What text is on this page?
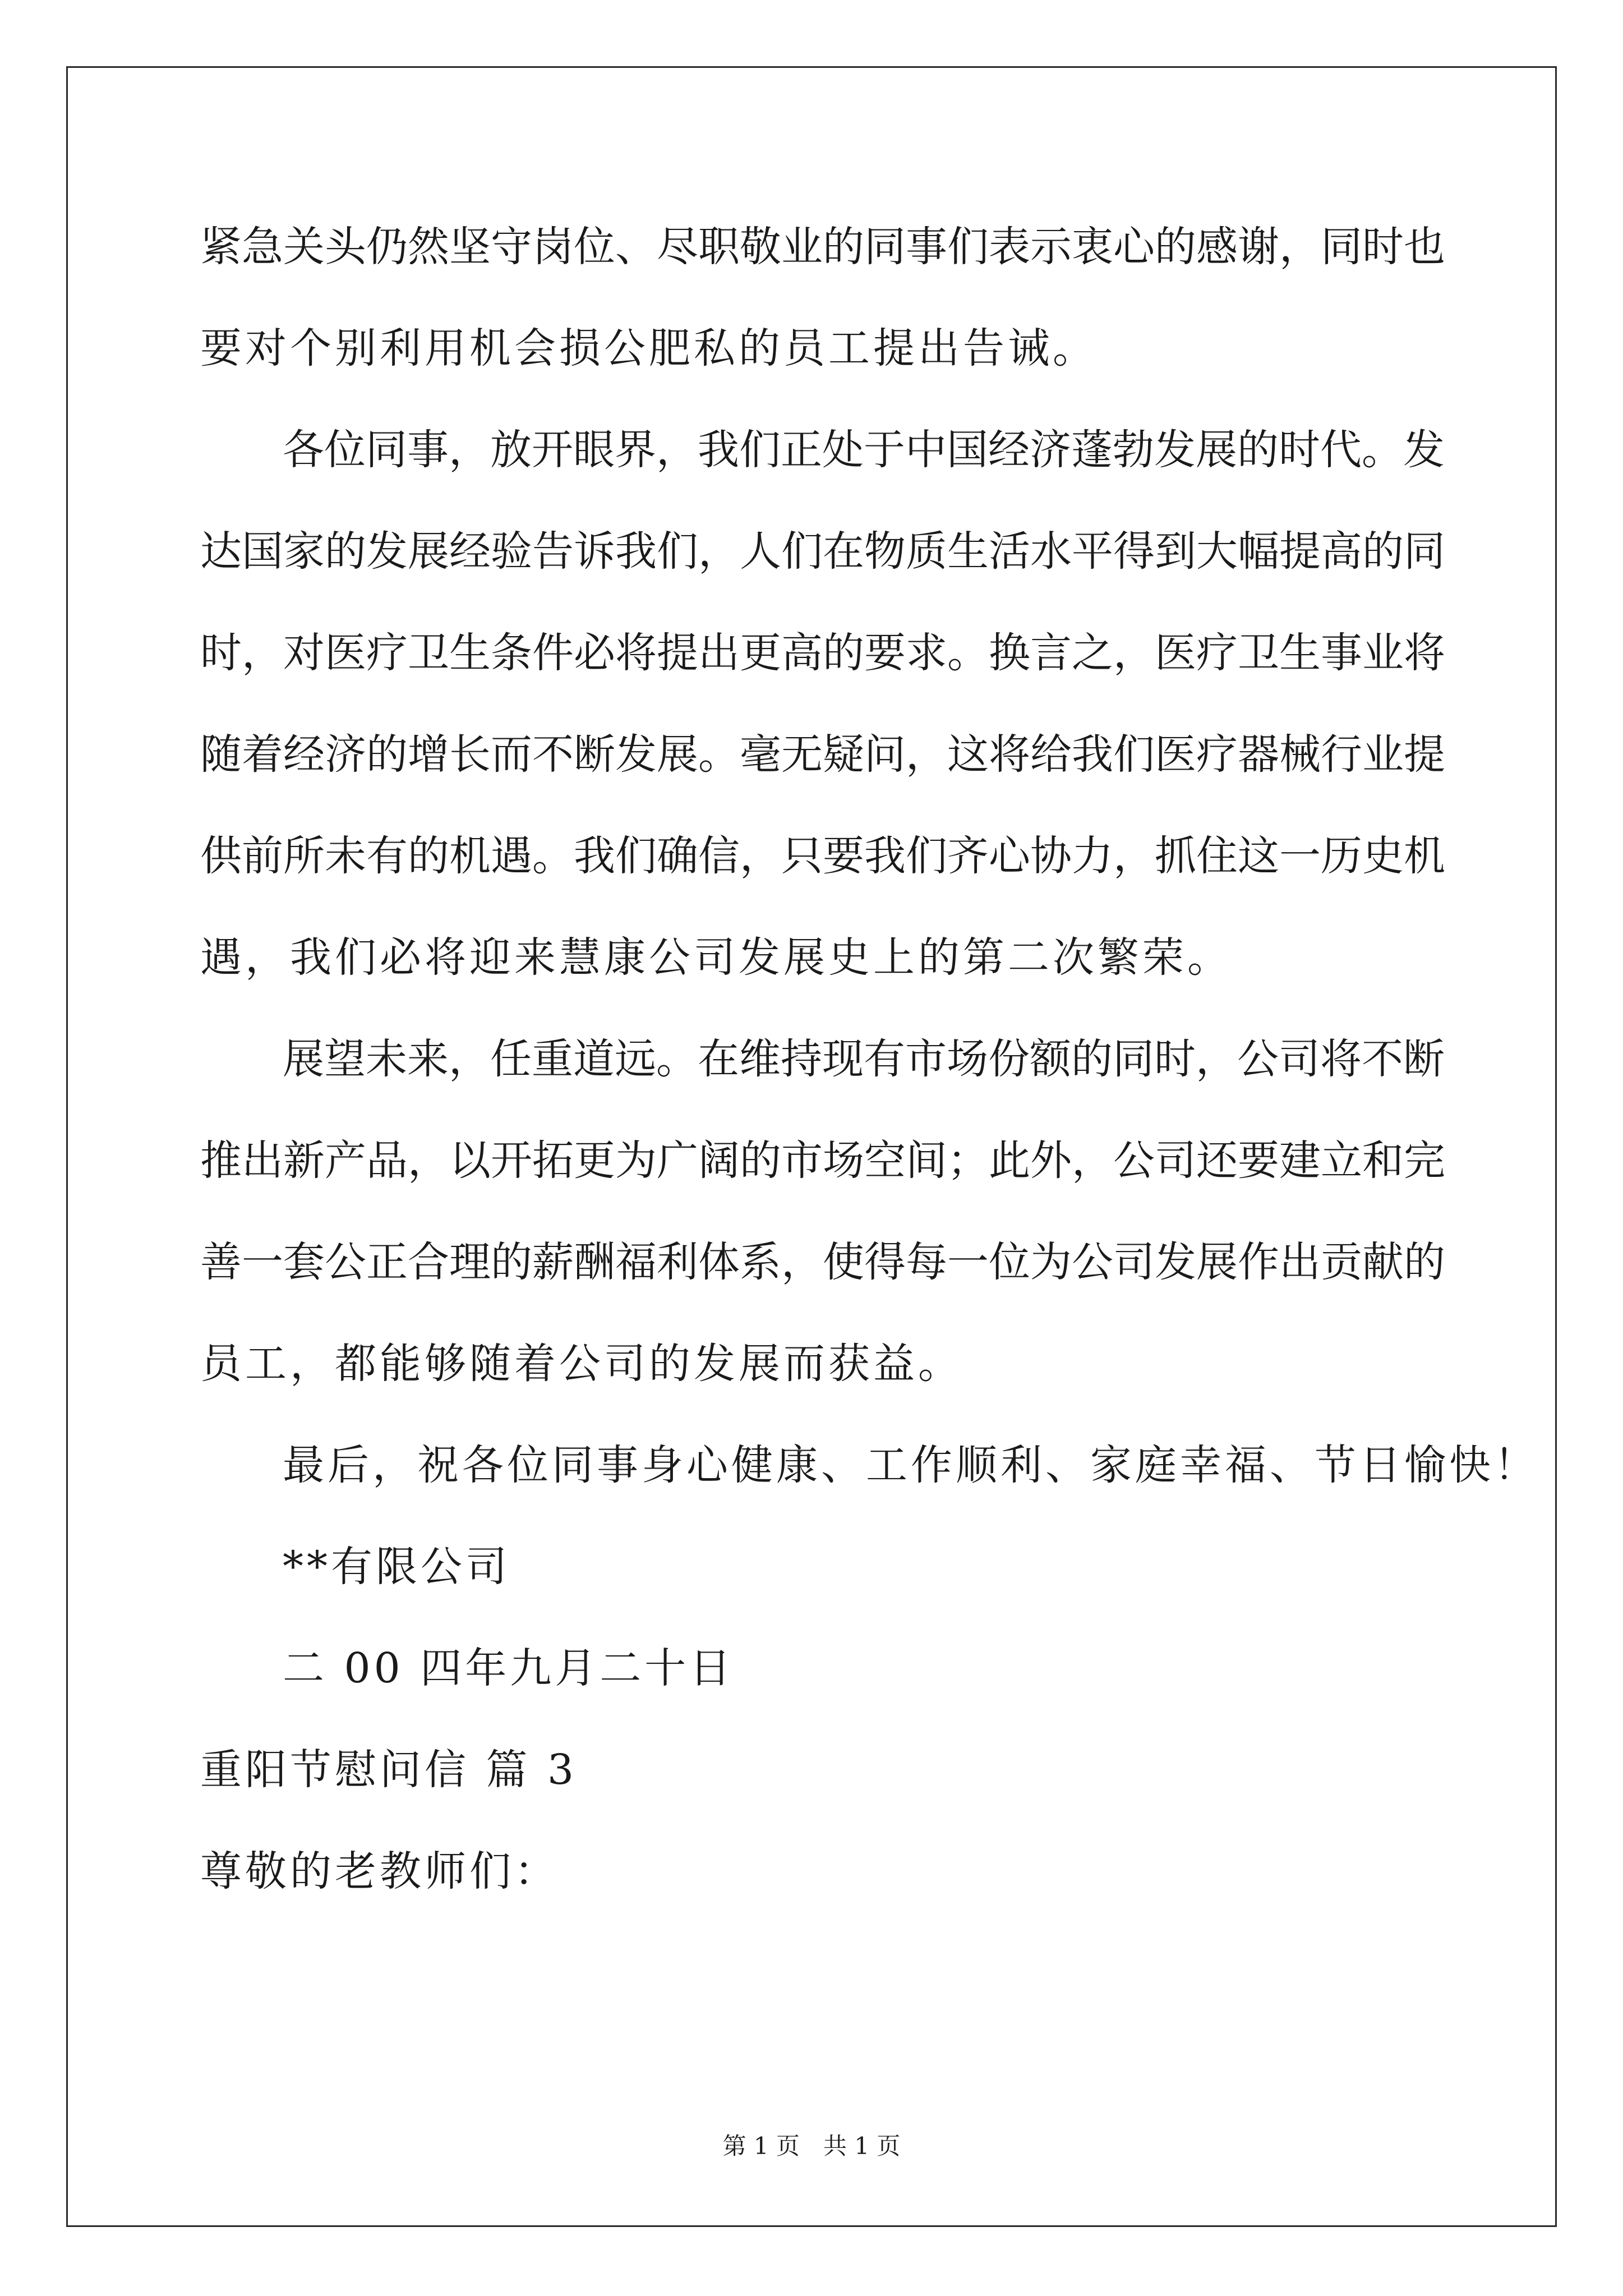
紧急关头仍然坚守岗位、尽职敬业的同事们表示衷心的感谢，同时也
要对个别利用机会损公肥私的员工提出告诫。
各位同事，放开眼界，我们正处于中国经济蓬勃发展的时代。发
达国家的发展经验告诉我们，人们在物质生活水平得到大幅提高的同
时，对医疗卫生条件必将提出更高的要求。换言之，医疗卫生事业将
随着经济的增长而不断发展。毫无疑问，这将给我们医疗器械行业提
供前所未有的机遇。我们确信，只要我们齐心协力，抓住这一历史机
遇，我们必将迎来慧康公司发展史上的第二次繁荣。
展望未来，任重道远。在维持现有市场份额的同时，公司将不断
推出新产品，以开拓更为广阔的市场空间；此外，公司还要建立和完
善一套公正合理的薪酬福利体系，使得每一位为公司发展作出贡献的
员工，都能够随着公司的发展而获益。
最后，祝各位同事身心健康、工作顺利、家庭幸福、节日愉快！
**有限公司
二 00 四年九月二十日
重阳节慰问信 篇 3
尊敬的老教师们：
第 1 页　共 1 页
